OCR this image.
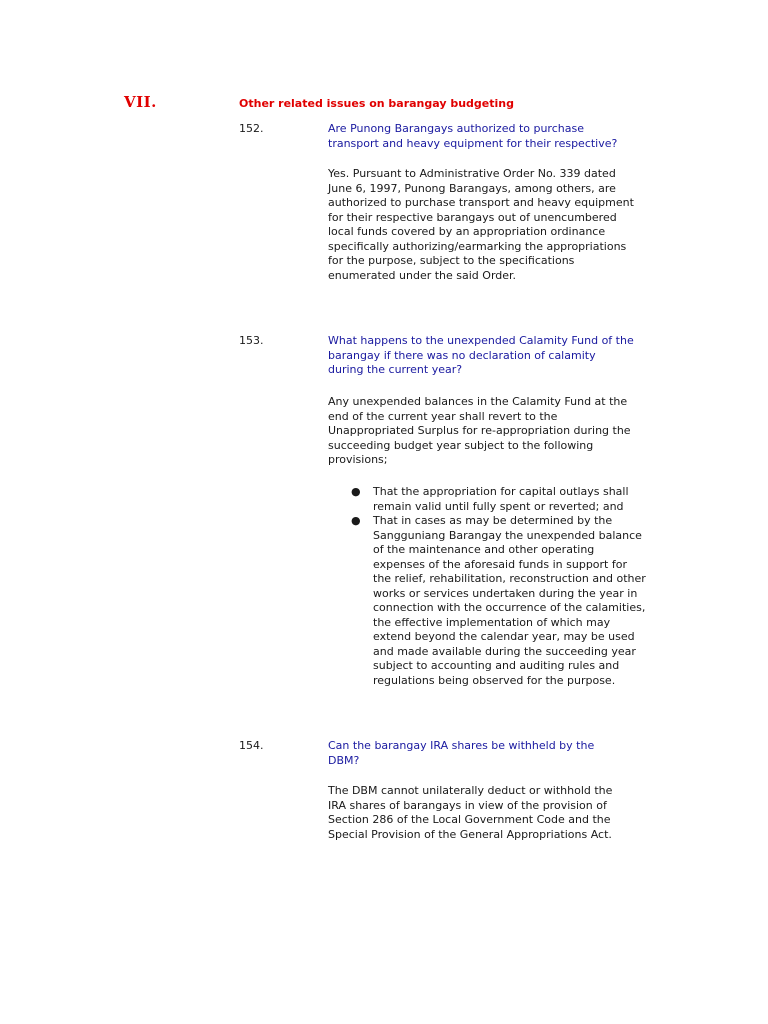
VII.	Other related issues on barangay budgeting
152.	Are Punong Barangays authorized to purchase transport and heavy equipment for their respective?
Yes. Pursuant to Administrative Order No. 339 dated June 6, 1997, Punong Barangays, among others, are authorized to purchase transport and heavy equipment for their respective barangays out of unencumbered local funds covered by an appropriation ordinance specifically authorizing/earmarking the appropriations for the purpose, subject to the specifications enumerated under the said Order.
153.	What happens to the unexpended Calamity Fund of the barangay if there was no declaration of calamity during the current year?
Any unexpended balances in the Calamity Fund at the end of the current year shall revert to the Unappropriated Surplus for re-appropriation during the succeeding budget year subject to the following provisions;
● That the appropriation for capital outlays shall remain valid until fully spent or reverted; and
● That in cases as may be determined by the Sangguniang Barangay the unexpended balance of the maintenance and other operating expenses of the aforesaid funds in support for the relief, rehabilitation, reconstruction and other works or services undertaken during the year in connection with the occurrence of the calamities, the effective implementation of which may extend beyond the calendar year, may be used and made available during the succeeding year subject to accounting and auditing rules and regulations being observed for the purpose.
154.	Can the barangay IRA shares be withheld by the DBM?
The DBM cannot unilaterally deduct or withhold the IRA shares of barangays in view of the provision of Section 286 of the Local Government Code and the Special Provision of the General Appropriations Act.
